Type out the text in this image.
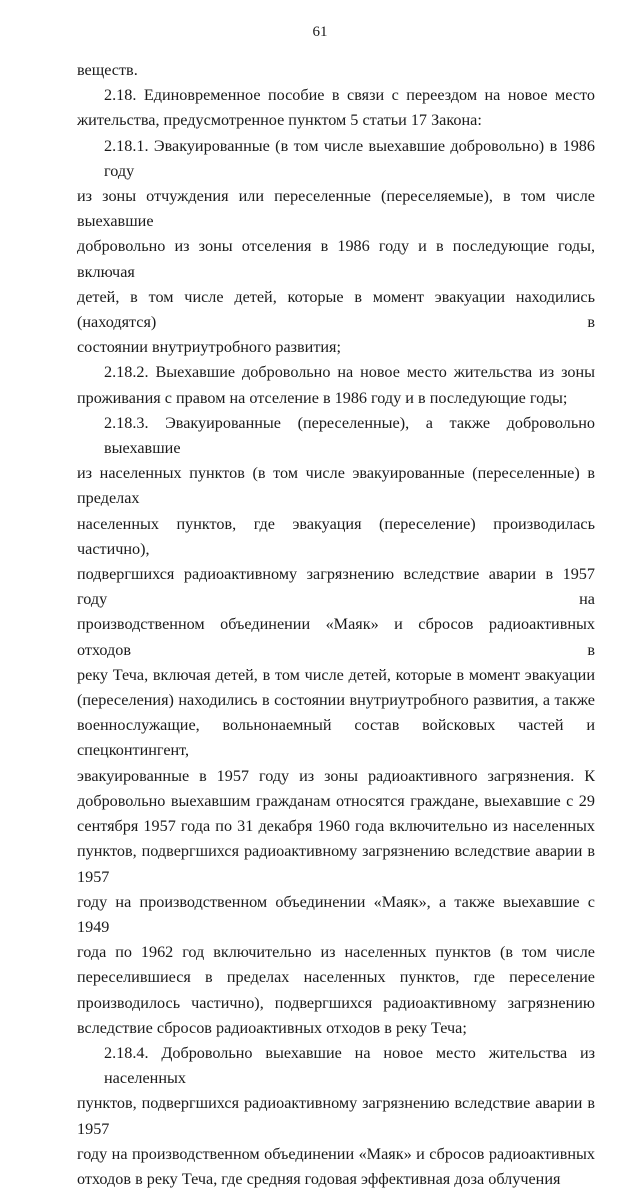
61
веществ.
2.18. Единовременное пособие в связи с переездом на новое место
жительства, предусмотренное пунктом 5 статьи 17 Закона:
2.18.1. Эвакуированные (в том числе выехавшие добровольно) в 1986 году
из зоны отчуждения или переселенные (переселяемые), в том числе выехавшие
добровольно из зоны отселения в 1986 году и в последующие годы, включая
детей, в том числе детей, которые в момент эвакуации находились (находятся) в
состоянии внутриутробного развития;
2.18.2. Выехавшие добровольно на новое место жительства из зоны
проживания с правом на отселение в 1986 году и в последующие годы;
2.18.3. Эвакуированные (переселенные), а также добровольно выехавшие
из населенных пунктов (в том числе эвакуированные (переселенные) в пределах
населенных пунктов, где эвакуация (переселение) производилась частично),
подвергшихся радиоактивному загрязнению вследствие аварии в 1957 году на
производственном объединении «Маяк» и сбросов радиоактивных отходов в
реку Теча, включая детей, в том числе детей, которые в момент эвакуации
(переселения) находились в состоянии внутриутробного развития, а также
военнослужащие, вольнонаемный состав войсковых частей и спецконтингент,
эвакуированные в 1957 году из зоны радиоактивного загрязнения. К
добровольно выехавшим гражданам относятся граждане, выехавшие с 29
сентября 1957 года по 31 декабря 1960 года включительно из населенных
пунктов, подвергшихся радиоактивному загрязнению вследствие аварии в 1957
году на производственном объединении «Маяк», а также выехавшие с 1949
года по 1962 год включительно из населенных пунктов (в том числе
переселившиеся в пределах населенных пунктов, где переселение
производилось частично), подвергшихся радиоактивному загрязнению
вследствие сбросов радиоактивных отходов в реку Теча;
2.18.4. Добровольно выехавшие на новое место жительства из населенных
пунктов, подвергшихся радиоактивному загрязнению вследствие аварии в 1957
году на производственном объединении «Маяк» и сбросов радиоактивных
отходов в реку Теча, где средняя годовая эффективная доза облучения
